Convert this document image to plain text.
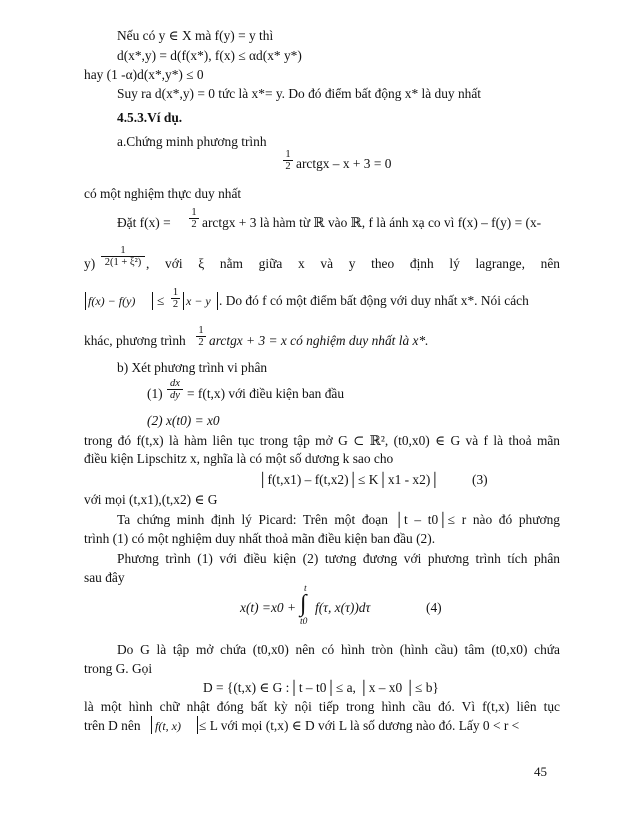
Nếu có y ∈ X mà f(y) = y thì
d(x*,y) = d(f(x*), f(x) ≤ αd(x* y*)
hay (1 -α)d(x*,y*) ≤ 0
Suy ra d(x*,y) = 0 tức là x*= y. Do đó điểm bất động x* là duy nhất
4.5.3.Ví dụ.
a.Chứng minh phương trình
$\frac{1}{2}$ arctgx – x + 3 = 0
có một nghiệm thực duy nhất
Đặt $f(x) = \frac{1}{2}$ arctgx + 3 là hàm từ ℝ vào ℝ, f là ánh xạ co vì f(x) – f(y) = (x-
$y) \frac{1}{\text{2(1 + ξ²)}}$ , với ξ nằm giữa x và y theo định lý lagrange, nên
$f(x) - f(y) \le \frac{1}{2}$ x − y . Do đó f có một điểm bất động với duy nhất x*. Nói cách
khác, phương trình $\frac{1}{2}$ arctgx + 3 = x có nghiệm duy nhất là x*.
b) Xét phương trình vi phân
$(1) \frac{dx}{dy} = f(t,x)$ với điều kiện ban đầu
(2) x(t0) = x0
trong đó f(t,x) là hàm liên tục trong tập mở G ⊂ ℝ², (t0,x0) ∈ G và f là thoả mãn
điều kiện Lipschitz x, nghĩa là có một số dương k sao cho
│f(t,x1) – f(t,x2)│≤ K│x1 - x2)│ (3)
với mọi (t,x1),(t,x2) ∈ G
Ta chứng minh định lý Picard: Trên một đoạn │t – t0│≤ r nào đó phương
trình (1) có một nghiệm duy nhất thoả mãn điều kiện ban đầu (2).
Phương trình (1) với điều kiện (2) tương đương với phương trình tích phân
sau đây
x(t) =x0 +
t
∫
t0
f(τ, x(τ))dτ	(4)
Do G là tập mở chứa (t0,x0) nên có hình tròn (hình cầu) tâm (t0,x0) chứa
trong G. Gọi
D = {(t,x) ∈ G :│t – t0│≤ a, │x – x0 │≤ b}
là một hình chữ nhật đóng bất kỳ nội tiếp trong hình cầu đó. Vì f(t,x) liên tục
trên D nên f(t, x) ≤ L với mọi (t,x) ∈ D với L là số dương nào đó. Lấy 0 < r <
45
